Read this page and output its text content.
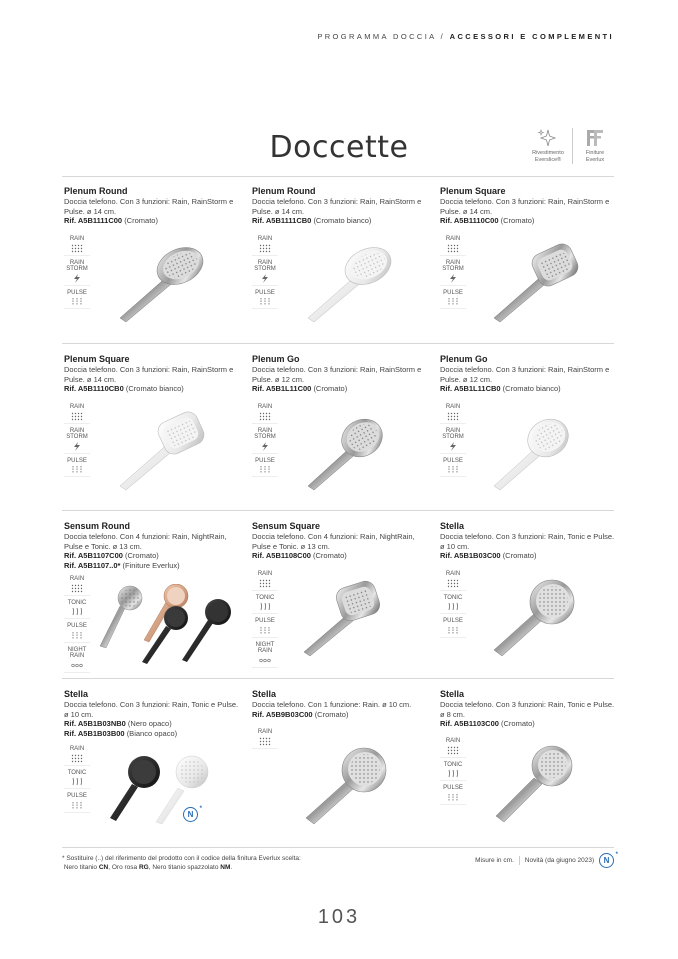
PROGRAMMA DOCCIA / ACCESSORI E COMPLEMENTI
Doccette	Rivestimento
Everslice®
Finiture
Everlux
Plenum Round
Doccia telefono. Con 3 funzioni: Rain, RainStorm e Pulse. ø 14 cm.
Rif. A5B1111C00 (Cromato)
Plenum Round
Doccia telefono. Con 3 funzioni: Rain, RainStorm e Pulse. ø 14 cm.
Rif. A5B1111CB0 (Cromato bianco)
Plenum Square
Doccia telefono. Con 3 funzioni: Rain, RainStorm e Pulse. ø 14 cm.
Rif. A5B1110C00 (Cromato)
Plenum Square
Doccia telefono. Con 3 funzioni: Rain, RainStorm e Pulse. ø 14 cm.
Rif. A5B1110CB0 (Cromato bianco)
Plenum Go
Doccia telefono. Con 3 funzioni: Rain, RainStorm e Pulse. ø 12 cm.
Rif. A5B1L11C00 (Cromato)
Plenum Go
Doccia telefono. Con 3 funzioni: Rain, RainStorm e Pulse. ø 12 cm.
Rif. A5B1L11CB0 (Cromato bianco)
Sensum Round
Doccia telefono. Con 4 funzioni: Rain, NightRain, Pulse e Tonic. ø 13 cm.
Rif. A5B1107C00 (Cromato)
Rif. A5B1107..0* (Finiture Everlux)
Sensum Square
Doccia telefono. Con 4 funzioni: Rain, NightRain, Pulse e Tonic. ø 13 cm.
Rif. A5B1108C00 (Cromato)
Stella
Doccia telefono. Con 3 funzioni: Rain, Tonic e Pulse. ø 10 cm.
Rif. A5B1B03C00 (Cromato)
Stella
Doccia telefono. Con 3 funzioni: Rain, Tonic e Pulse. ø 10 cm.
Rif. A5B1B03NB0 (Nero opaco)
Rif. A5B1B03B00 (Bianco opaco)
Stella
Doccia telefono. Con 1 funzione: Rain. ø 10 cm.
Rif. A5B9B03C00 (Cromato)
Stella
Doccia telefono. Con 3 funzioni: Rain, Tonic e Pulse. ø 8 cm.
Rif. A5B1103C00 (Cromato)
RAIN
RAIN
STORM
PULSE
RAIN
RAIN
STORM
PULSE
RAIN
RAIN
STORM
PULSE
RAIN
RAIN
STORM
PULSE
RAIN
RAIN
STORM
PULSE
RAIN
RAIN
STORM
PULSE
RAIN
TONIC
PULSE
NIGHT
RAIN
RAIN
TONIC
PULSE
NIGHT
RAIN
RAIN
TONIC
PULSE
RAIN
TONIC
PULSE
RAIN
RAIN
TONIC
PULSE
N
*
* Sostituire (..) del riferimento del prodotto con il codice della finitura Everlux scelta:
Nero titanio CN, Oro rosa RG, Nero titanio spazzolato NM.
Misure in cm. Novità (da giugno 2023) N
*
103
